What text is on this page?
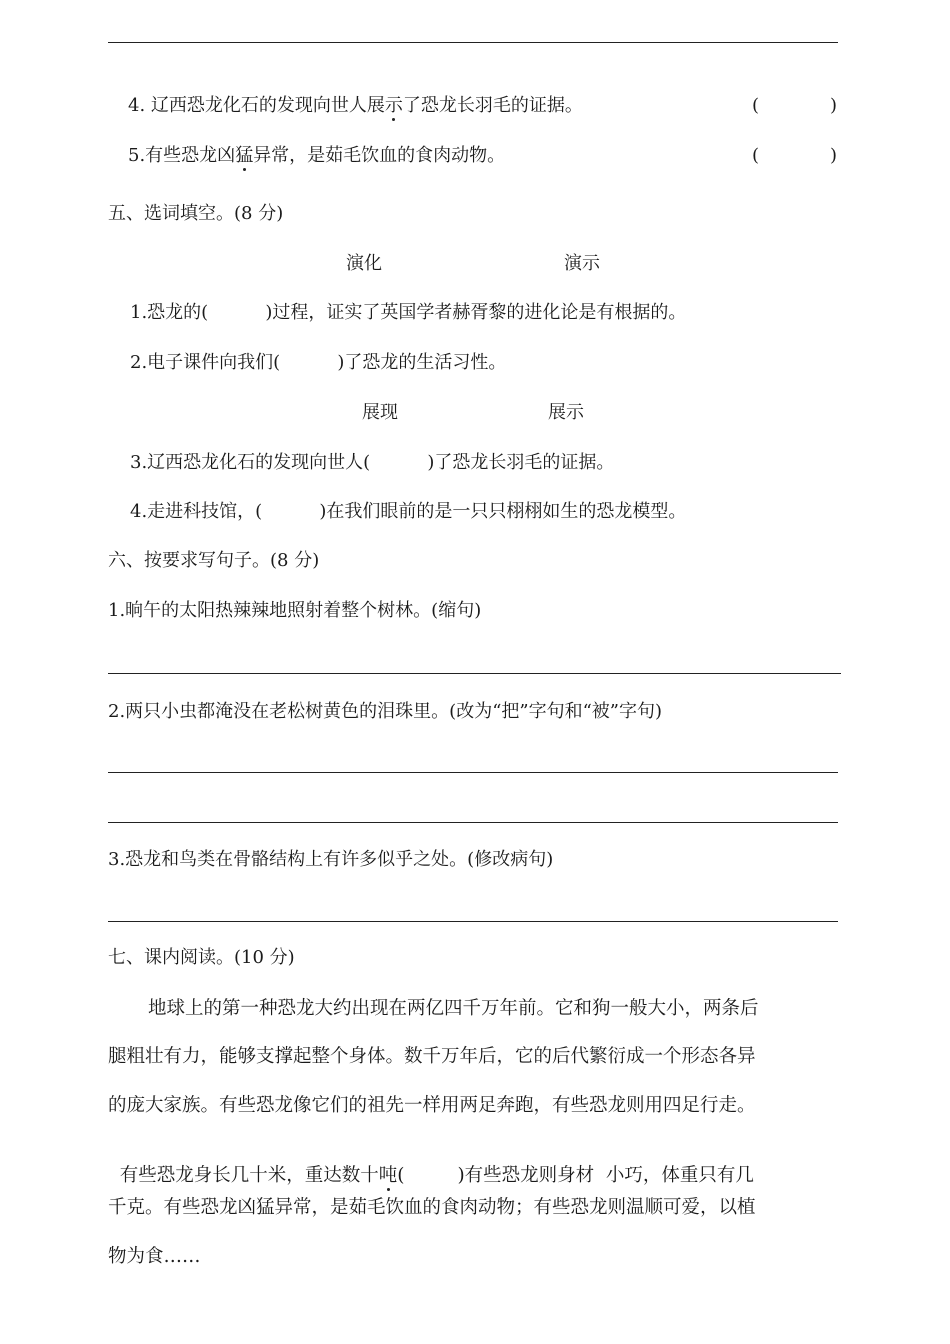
4. 辽西恐龙化石的发现向世人展示了恐龙长羽毛的证据。	(	)
5.有些恐龙凶猛异常，是茹毛饮血的食肉动物。	(	)
五、选词填空。(8 分)
演化	演示
1.恐龙的(          )过程，证实了英国学者赫胥黎的进化论是有根据的。
2.电子课件向我们(          )了恐龙的生活习性。
展现	展示
3.辽西恐龙化石的发现向世人(          )了恐龙长羽毛的证据。
4.走进科技馆，(          )在我们眼前的是一只只栩栩如生的恐龙模型。
六、按要求写句子。(8 分)
1.晌午的太阳热辣辣地照射着整个树林。(缩句)
2.两只小虫都淹没在老松树黄色的泪珠里。(改为“把”字句和“被”字句)
3.恐龙和鸟类在骨骼结构上有许多似乎之处。(修改病句)
七、课内阅读。(10 分)
地球上的第一种恐龙大约出现在两亿四千万年前。它和狗一般大小，两条后
腿粗壮有力，能够支撑起整个身体。数千万年后，它的后代繁衍成一个形态各异
的庞大家族。有些恐龙像它们的祖先一样用两足奔跑，有些恐龙则用四足行走。

有些恐龙身长几十米，重达数十吨(         )有些恐龙则身材  小巧，体重只有几

千克。有些恐龙凶猛异常，是茹毛饮血的食肉动物；有些恐龙则温顺可爱，以植
物为食……
